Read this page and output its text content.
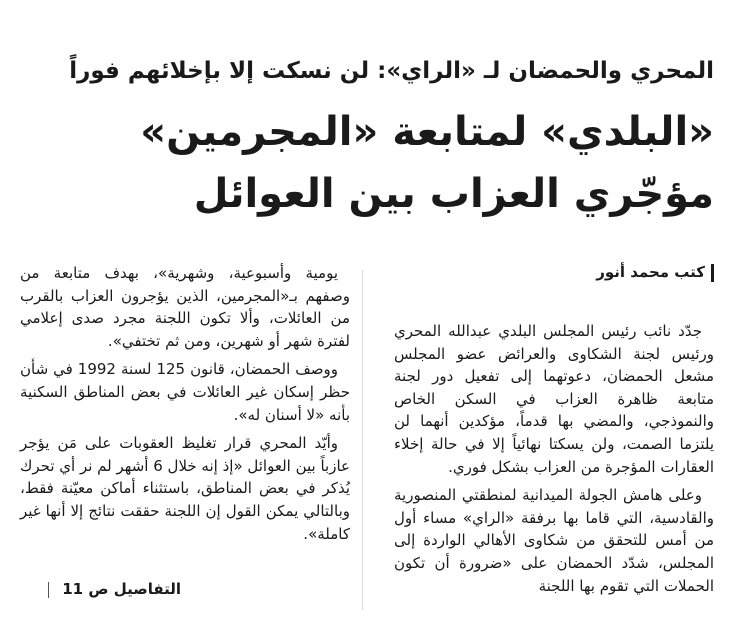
المحري والحمضان لـ «الراي»: لن نسكت إلا بإخلائهم فوراً
«البلدي» لمتابعة «المجرمين»
مؤجّري العزاب بين العوائل
كتب محمد أنور

جدّد نائب رئيس المجلس البلدي عبدالله المحري ورئيس لجنة الشكاوى والعرائض عضو المجلس مشعل الحمضان، دعوتهما إلى تفعيل دور لجنة متابعة ظاهرة العزاب في السكن الخاص والنموذجي، والمضي بها قدماً، مؤكدين أنهما لن يلتزما الصمت، ولن يسكتا نهائياً إلا في حالة إخلاء العقارات المؤجرة من العزاب بشكل فوري.

وعلى هامش الجولة الميدانية لمنطقتي المنصورية والقادسية، التي قاما بها برفقة «الراي» مساء أول من أمس للتحقق من شكاوى الأهالي الواردة إلى المجلس، شدّد الحمضان على «ضرورة أن تكون الحملات التي تقوم بها اللجنة

يومية وأسبوعية، وشهرية»، بهدف متابعة من وصفهم بـ«المجرمين، الذين يؤجرون العزاب بالقرب من العائلات، وألا تكون اللجنة مجرد صدى إعلامي لفترة شهر أو شهرين، ومن ثم تختفي».

ووصف الحمضان، قانون 125 لسنة 1992 في شأن حظر إسكان غير العائلات في بعض المناطق السكنية بأنه «لا أسنان له».

وأيّد المحري قرار تغليظ العقوبات على مَن يؤجر عازباً بين العوائل «إذ إنه خلال 6 أشهر لم نر أي تحرك يُذكر في بعض المناطق، باستثناء أماكن معيّنة فقط، وبالتالي يمكن القول إن اللجنة حققت نتائج إلا أنها غير كاملة».

التفاصيل ص 11
